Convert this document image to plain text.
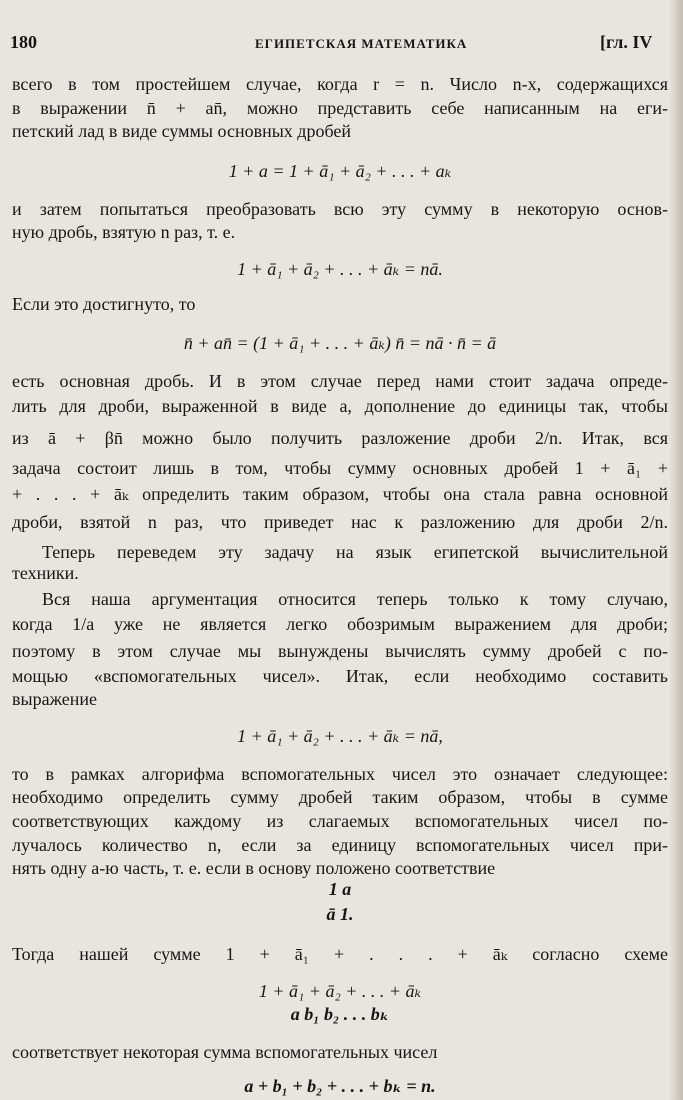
180	ЕГИПЕТСКАЯ МАТЕМАТИКА	[гл. IV
всего в том простейшем случае, когда r = n. Число n-х, содержащихся
в выражении n̄ + an̄, можно представить себе написанным на еги-
петский лад в виде суммы основных дробей
1 + a = 1 + ā₁ + ā₂ + . . . + aₖ
и затем попытаться преобразовать всю эту сумму в некоторую основ-
ную дробь, взятую n раз, т. е.
1 + ā₁ + ā₂ + . . . + āₖ = nā.
Если это достигнуто, то
n̄ + an̄ = (1 + ā₁ + . . . + āₖ) n̄ = nā · n̄ = ā
есть основная дробь. И в этом случае перед нами стоит задача опреде-
лить для дроби, выраженной в виде a, дополнение до единицы так, чтобы
из ā + βn̄ можно было получить разложение дроби 2/n. Итак, вся
задача состоит лишь в том, чтобы сумму основных дробей 1 + ā₁ +
+ . . . + āₖ определить таким образом, чтобы она стала равна основной
дроби, взятой n раз, что приведет нас к разложению для дроби 2/n.
Теперь переведем эту задачу на язык египетской вычислительной
техники.
Вся наша аргументация относится теперь только к тому случаю,
когда 1/a уже не является легко обозримым выражением для дроби;
поэтому в этом случае мы вынуждены вычислять сумму дробей с по-
мощью «вспомогательных чисел». Итак, если необходимо составить
выражение
1 + ā₁ + ā₂ + . . . + āₖ = nā,
то в рамках алгорифма вспомогательных чисел это означает следующее:
необходимо определить сумму дробей таким образом, чтобы в сумме
соответствующих каждому из слагаемых вспомогательных чисел по-
лучалось количество n, если за единицу вспомогательных чисел при-
нять одну a-ю часть, т. е. если в основу положено соответствие
1 a
ā 1.
Тогда нашей сумме 1 + ā₁ + . . . + āₖ согласно схеме
1 + ā₁ + ā₂ + . . . + āₖ
a b₁ b₂ . . . bₖ
соответствует некоторая сумма вспомогательных чисел
a + b₁ + b₂ + . . . + bₖ = n.
